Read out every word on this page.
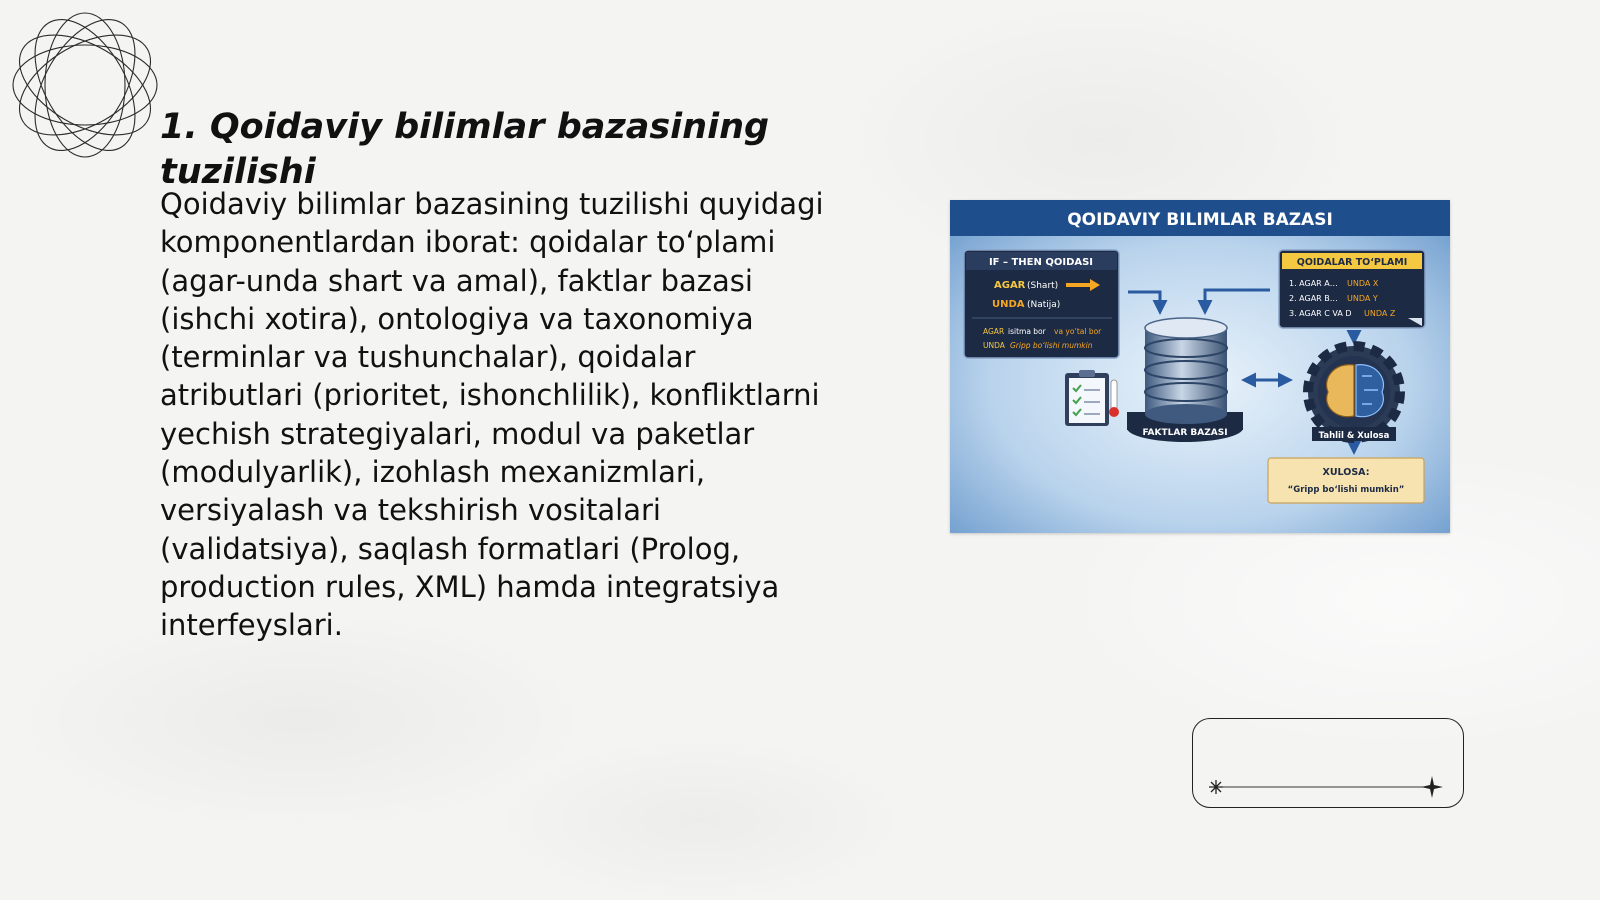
1. Qoidaviy bilimlar bazasining tuzilishi

Qoidaviy bilimlar bazasining tuzilishi quyidagi komponentlardan iborat: qoidalar to‘plami (agar-unda shart va amal), faktlar bazasi (ishchi xotira), ontologiya va taxonomiya (terminlar va tushunchalar), qoidalar atributlari (prioritet, ishonchlilik), konfliktlarni yechish strategiyalari, modul va paketlar (modulyarlik), izohlash mexanizmlari, versiyalash va tekshirish vositalari (validatsiya), saqlash formatlari (Prolog, production rules, XML) hamda integratsiya interfeyslari.

QOIDAVIY BILIMLAR BAZASI
IF – THEN QOIDASI
AGAR (Shart)
UNDA (Natija)
AGAR isitma bor va yo‘tal bor
UNDA Gripp bo‘lishi mumkin
QOIDALAR TO‘PLAMI
1. AGAR A… UNDA X
2. AGAR B… UNDA Y
3. AGAR C VA D UNDA Z
FAKTLAR BAZASI	Tahlil & Xulosa
XULOSA:
“Gripp bo‘lishi mumkin”
